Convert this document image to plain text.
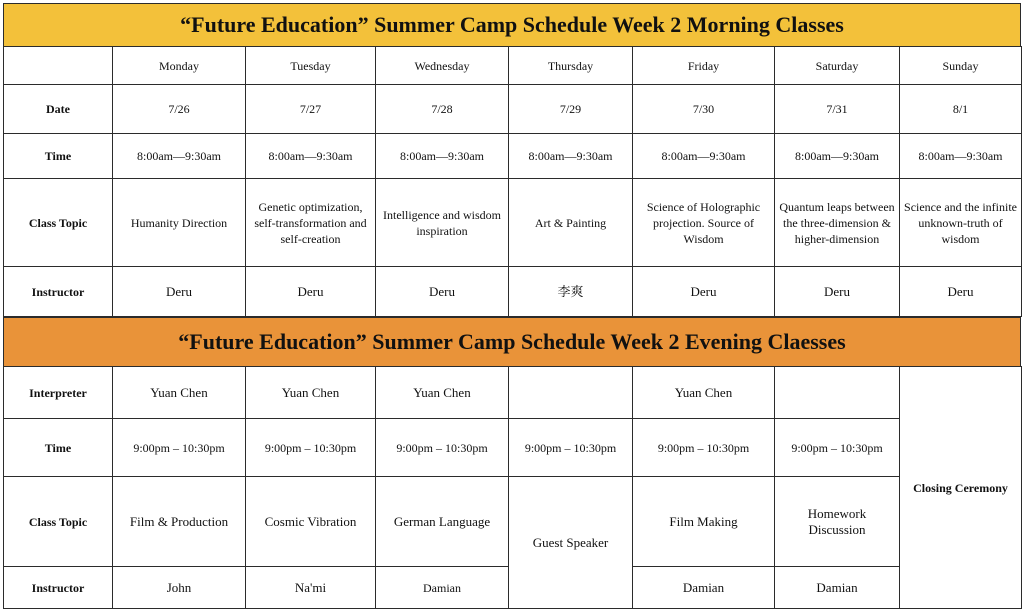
“Future Education” Summer Camp Schedule Week 2 Morning Classes
	Monday	Tuesday	Wednesday	Thursday	Friday	Saturday	Sunday
Date	7/26	7/27	7/28	7/29	7/30	7/31	8/1
Time	8:00am—9:30am	8:00am—9:30am	8:00am—9:30am	8:00am—9:30am	8:00am—9:30am	8:00am—9:30am	8:00am—9:30am
Class Topic	Humanity Direction	Genetic optimization, self-transformation and self-creation	Intelligence and wisdom inspiration	Art & Painting	Science of Holographic projection. Source of Wisdom	Quantum leaps between the three-dimension & higher-dimension	Science and the infinite unknown-truth of wisdom
Instructor	Deru	Deru	Deru	李爽	Deru	Deru	Deru
“Future Education” Summer Camp Schedule Week 2 Evening Claesses
Interpreter	Yuan Chen	Yuan Chen	Yuan Chen		Yuan Chen		Closing Ceremony
Time	9:00pm – 10:30pm	9:00pm – 10:30pm	9:00pm – 10:30pm	9:00pm – 10:30pm	9:00pm – 10:30pm	9:00pm – 10:30pm	
Class Topic	Film & Production	Cosmic Vibration	German Language	Guest Speaker	Film Making	Homework Discussion	
Instructor	John	Na'mi	Damian		Damian	Damian	
